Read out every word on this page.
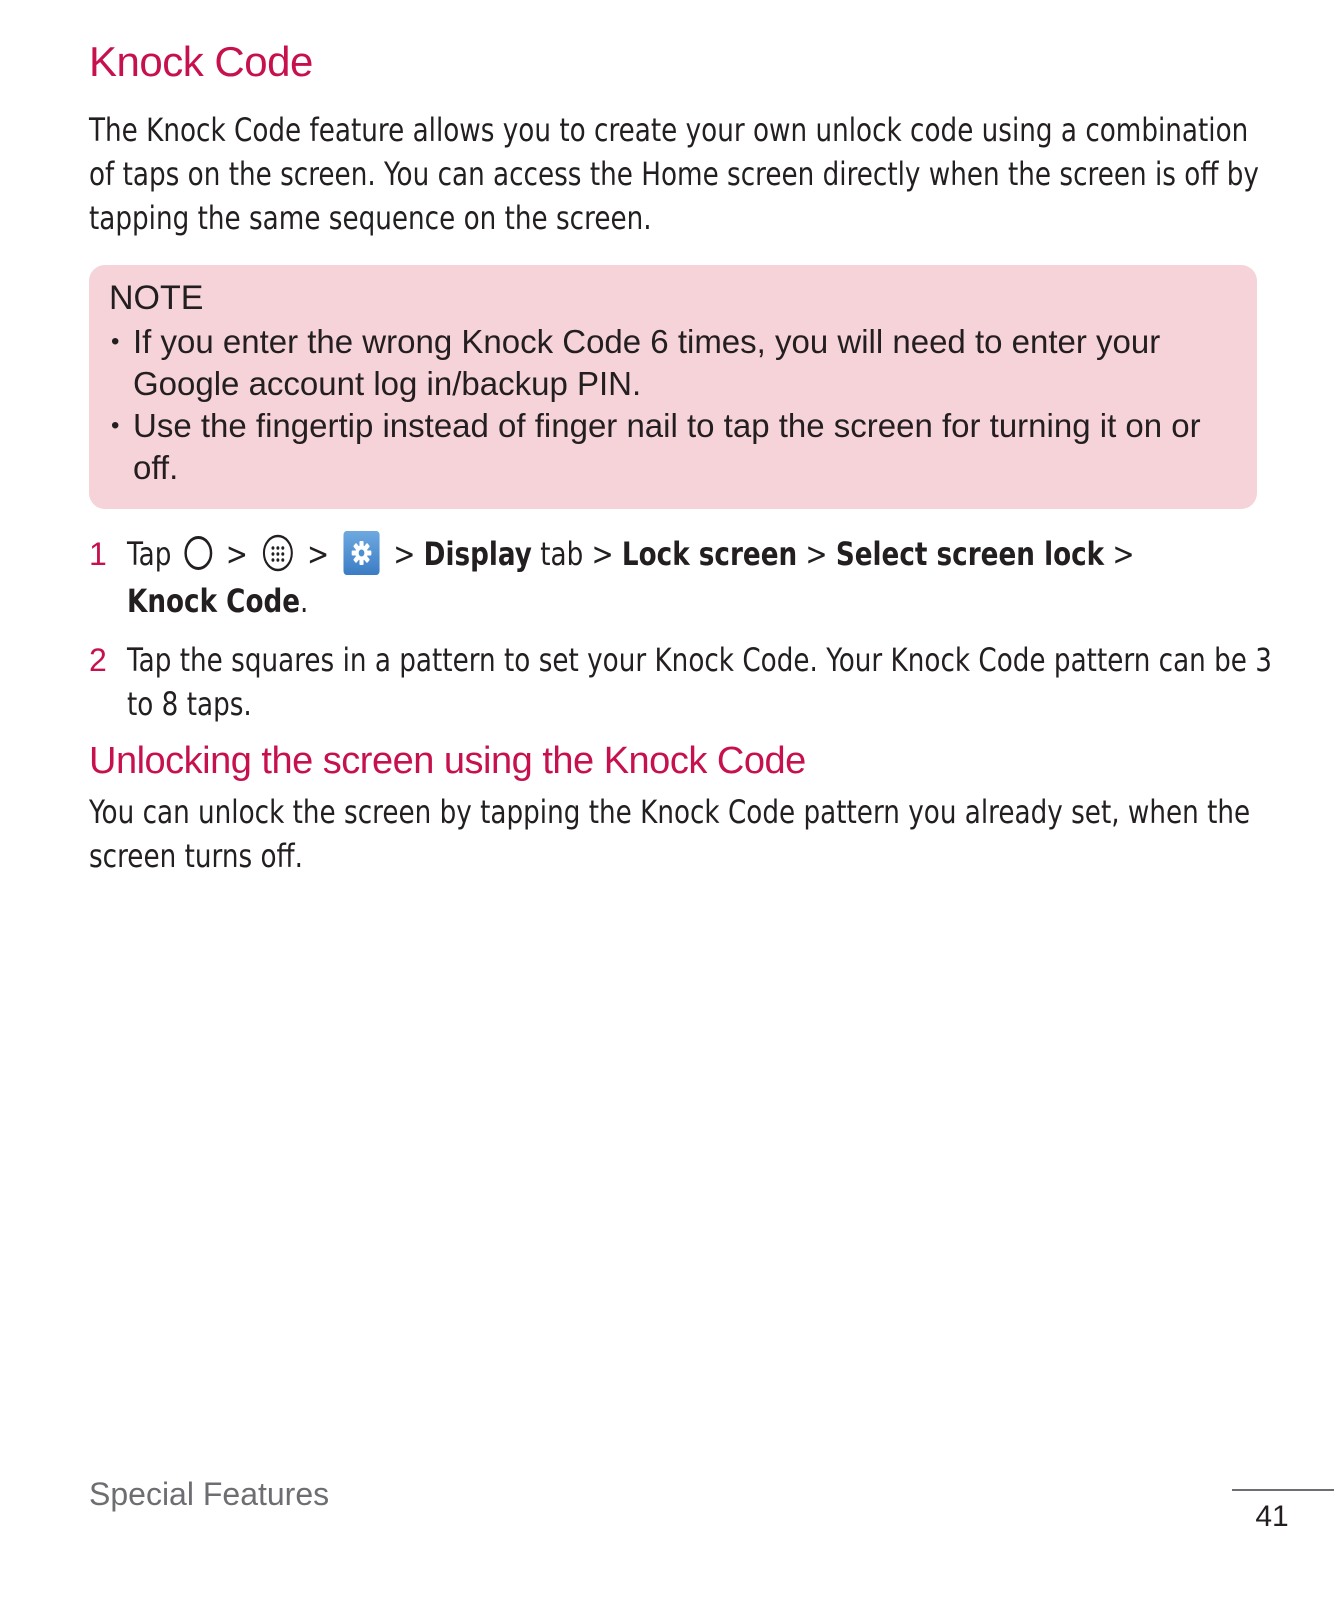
Knock Code

The Knock Code feature allows you to create your own unlock code using a combination of taps on the screen. You can access the Home screen directly when the screen is off by tapping the same sequence on the screen.

NOTE
• If you enter the wrong Knock Code 6 times, you will need to enter your Google account log in/backup PIN.
• Use the fingertip instead of finger nail to tap the screen for turning it on or off.
1 Tap > > > Display tab > Lock screen > Select screen lock >
Knock Code.
2 Tap the squares in a pattern to set your Knock Code. Your Knock Code pattern can be 3 to 8 taps.
Unlocking the screen using the Knock Code

You can unlock the screen by tapping the Knock Code pattern you already set, when the screen turns off.

Special Features
41
